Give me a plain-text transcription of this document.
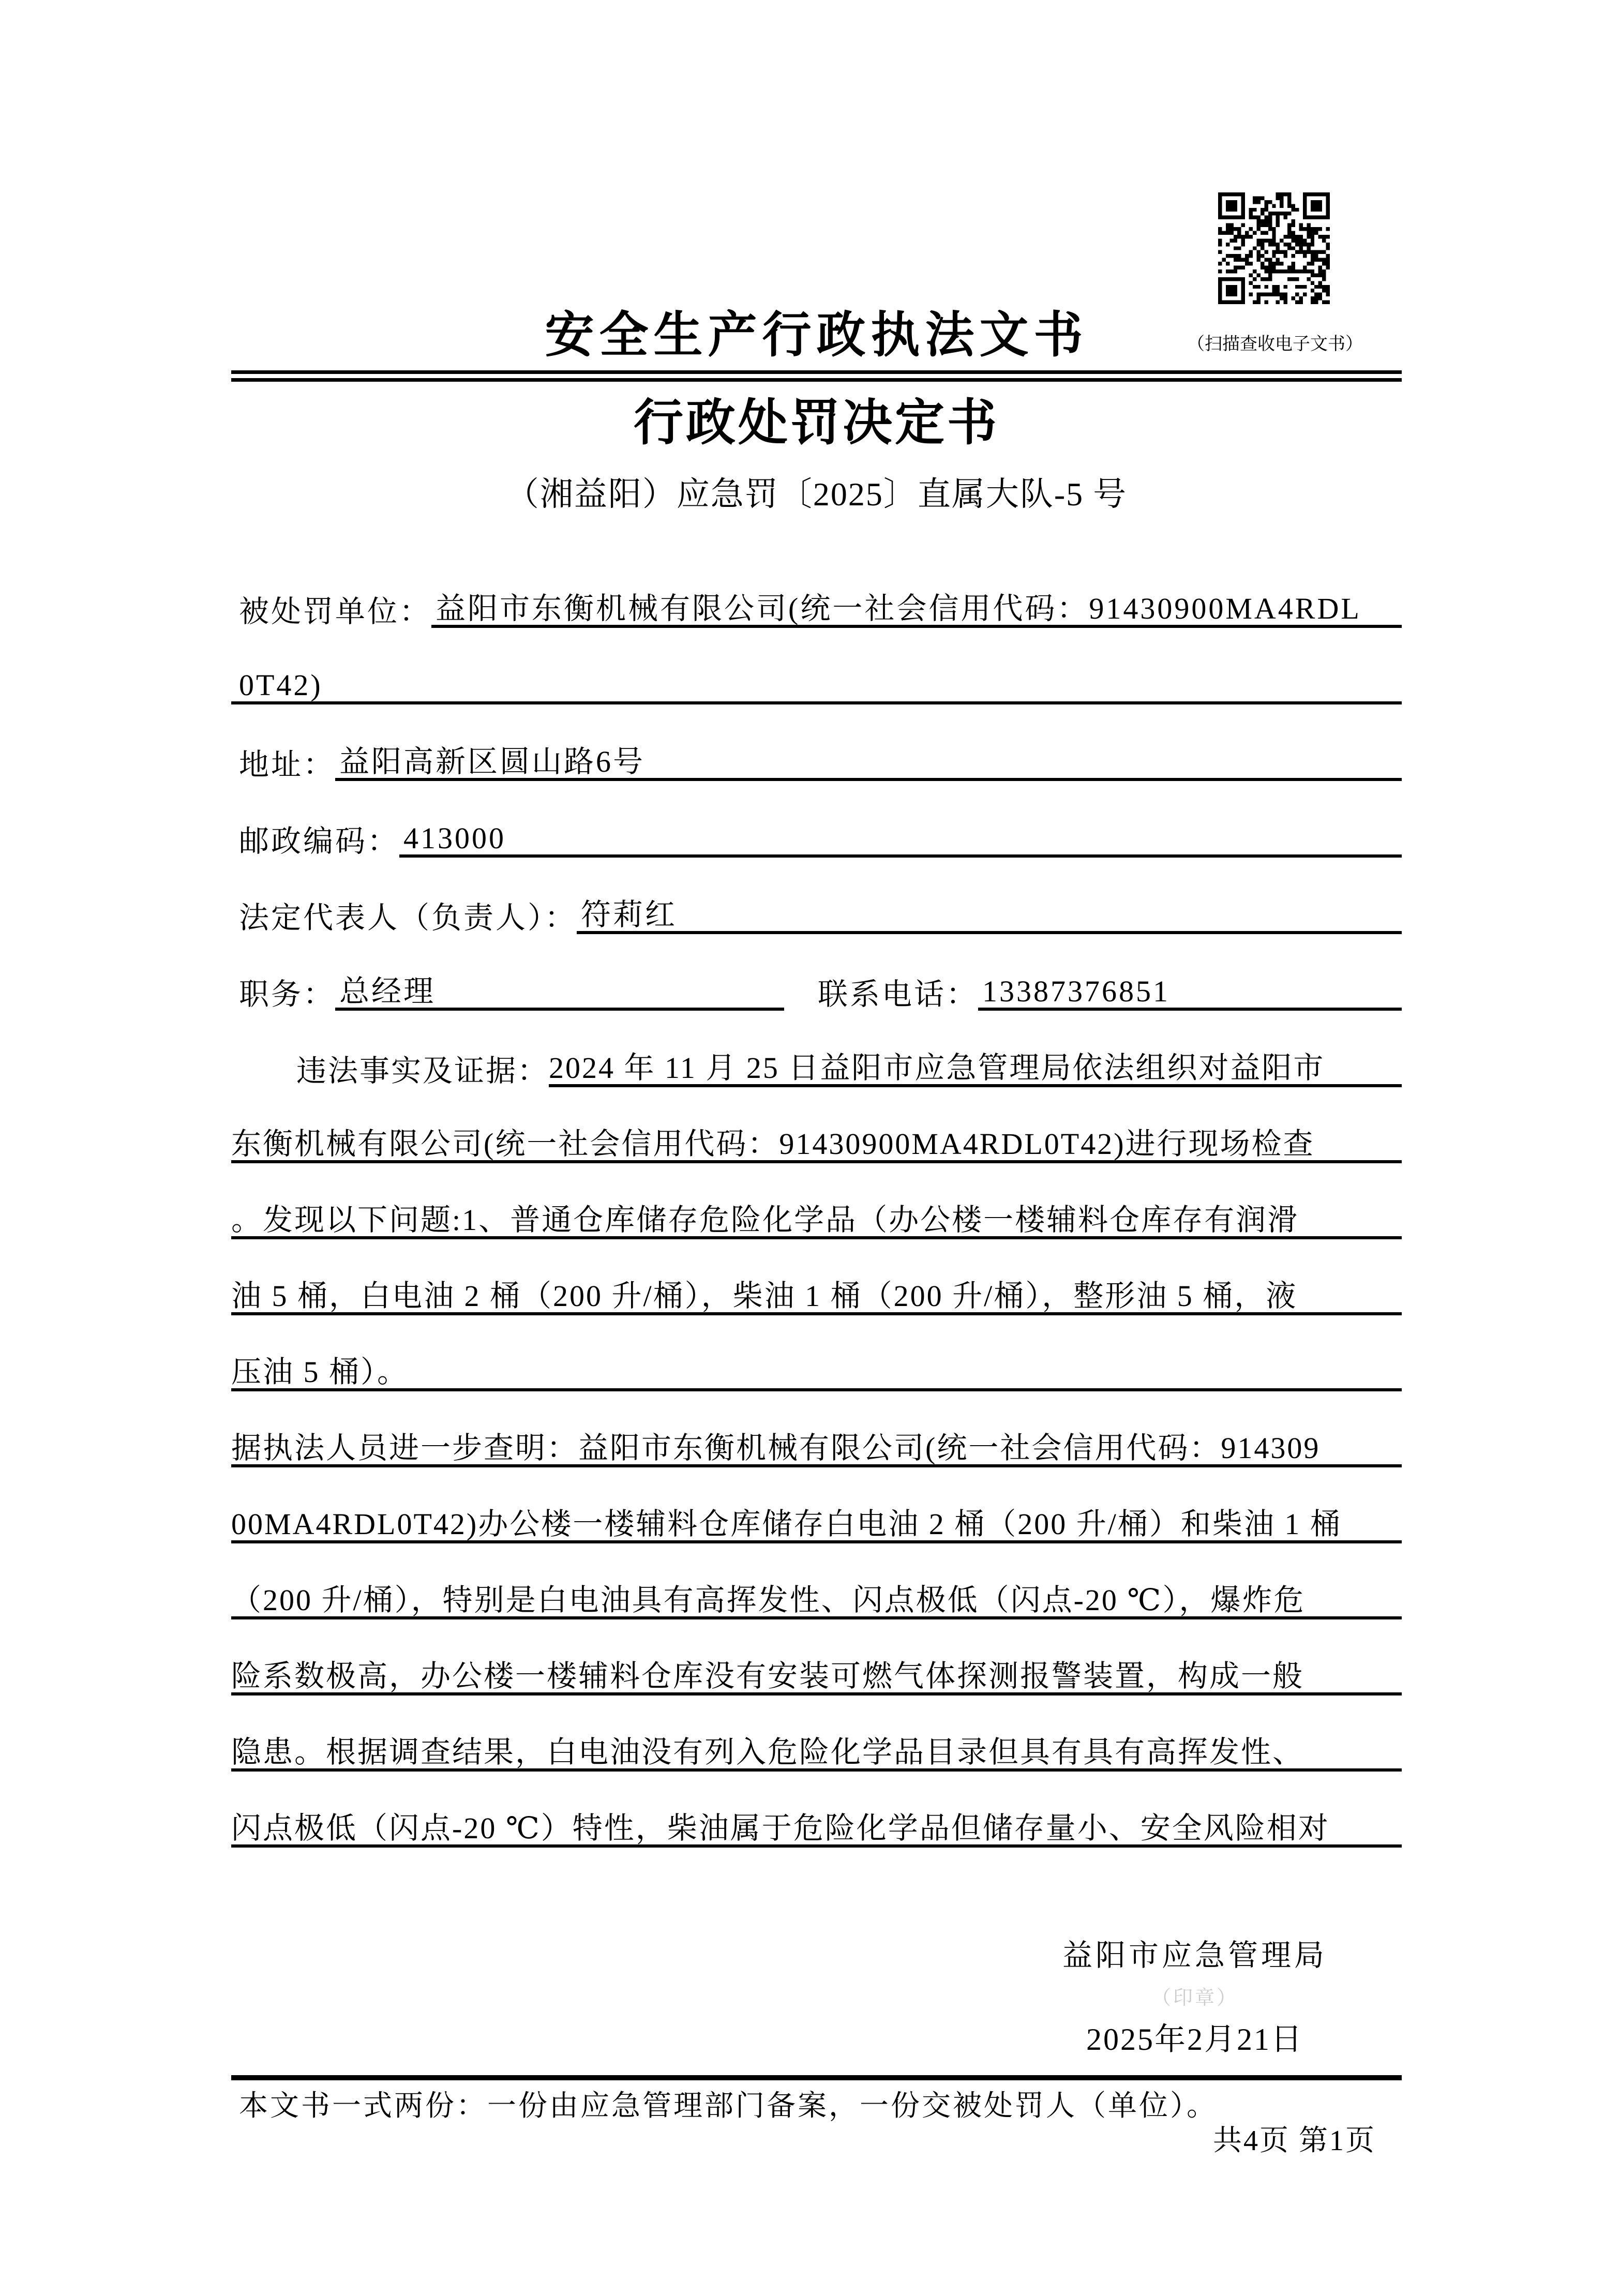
（扫描查收电子文书）
安全生产行政执法文书
行政处罚决定书
（湘益阳）应急罚〔2025〕直属大队-5 号
被处罚单位： 益阳市东衡机械有限公司(统一社会信用代码：91430900MA4RDL
0T42)
地址： 益阳高新区圆山路6号
邮政编码： 413000
法定代表人（负责人）： 符莉红
职务： 总经理	联系电话： 13387376851
违法事实及证据： 2024 年 11 月 25 日益阳市应急管理局依法组织对益阳市
东衡机械有限公司(统一社会信用代码：91430900MA4RDL0T42)进行现场检查
。发现以下问题:1、普通仓库储存危险化学品（办公楼一楼辅料仓库存有润滑
油 5 桶，白电油 2 桶（200 升/桶），柴油 1 桶（200 升/桶），整形油 5 桶，液
压油 5 桶）。
据执法人员进一步查明：益阳市东衡机械有限公司(统一社会信用代码：914309
00MA4RDL0T42)办公楼一楼辅料仓库储存白电油 2 桶（200 升/桶）和柴油 1 桶
（200 升/桶），特别是白电油具有高挥发性、闪点极低（闪点-20 ℃），爆炸危
险系数极高，办公楼一楼辅料仓库没有安装可燃气体探测报警装置，构成一般
隐患。根据调查结果，白电油没有列入危险化学品目录但具有具有高挥发性、
闪点极低（闪点-20 ℃）特性，柴油属于危险化学品但储存量小、安全风险相对
益阳市应急管理局
（印章）
2025年2月21日
本文书一式两份：一份由应急管理部门备案，一份交被处罚人（单位）。
共4页 第1页
